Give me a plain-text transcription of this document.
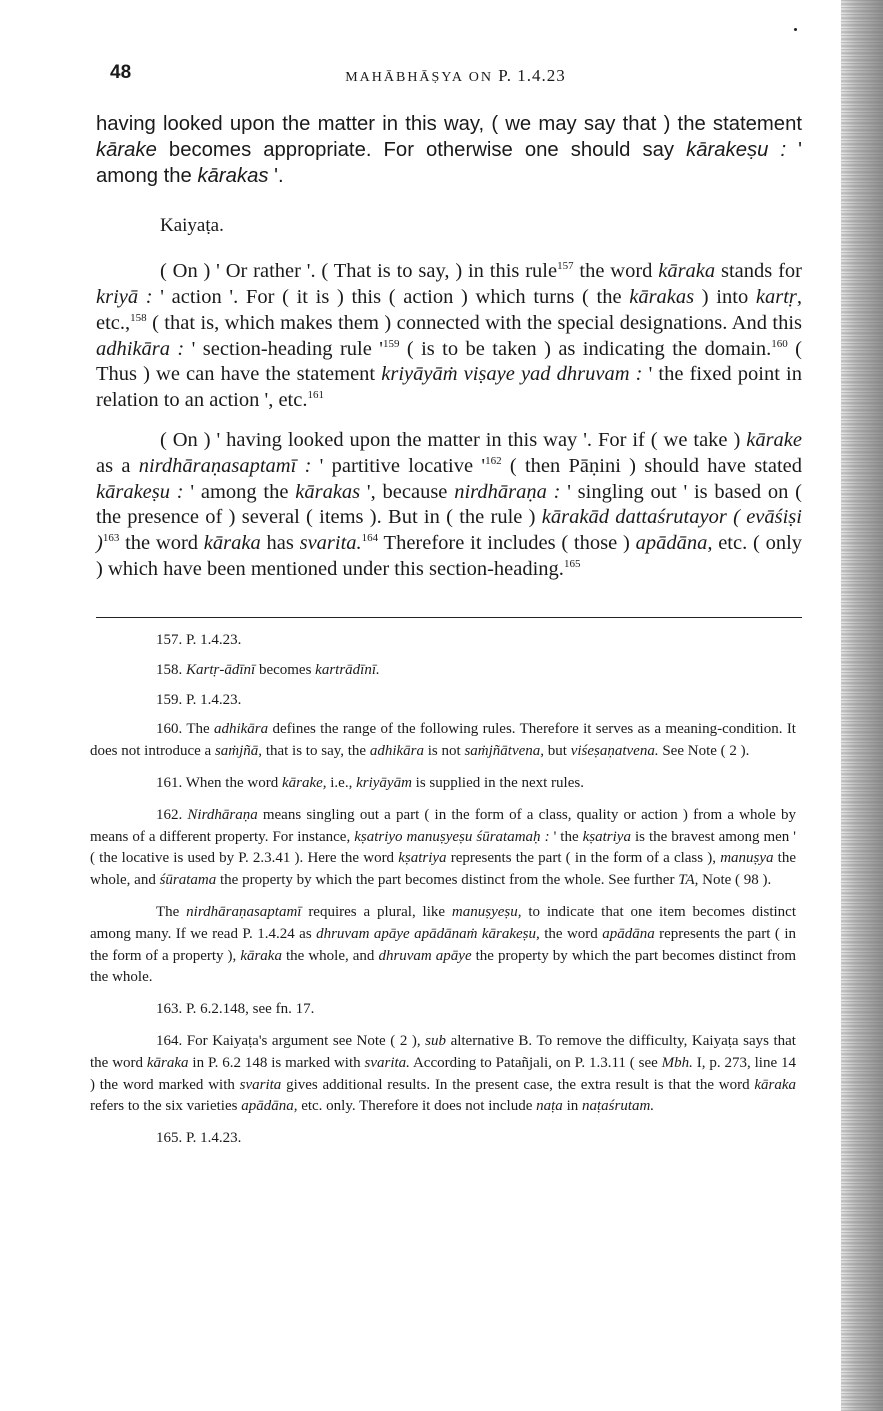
48	MAHĀBHĀṢYA ON P. 1.4.23

having looked upon the matter in this way, ( we may say that ) the statement kārake becomes appropriate. For otherwise one should say kārakeṣu : ' among the kārakas '.

Kaiyaṭa.

( On ) ' Or rather '. ( That is to say, ) in this rule$^{157}$ the word kāraka stands for kriyā : ' action '. For ( it is ) this ( action ) which turns ( the kārakas ) into kartṛ, etc.,$^{158}$ ( that is, which makes them ) connected with the special designations. And this adhikāra : ' section-heading rule '$^{159}$ ( is to be taken ) as indicating the domain.$^{160}$ ( Thus ) we can have the statement kriyāyāṁ viṣaye yad dhruvam : ' the fixed point in relation to an action ', etc.$^{161}$

( On ) ' having looked upon the matter in this way '. For if ( we take ) kārake as a nirdhāraṇasaptamī : ' partitive locative '$^{162}$ ( then Pāṇini ) should have stated kārakeṣu : ' among the kārakas ', because nirdhāraṇa : ' singling out ' is based on ( the presence of ) several ( items ). But in ( the rule ) kārakād dattaśrutayor ( evāśiṣi )$^{163}$ the word kāraka has svarita.$^{164}$ Therefore it includes ( those ) apādāna, etc. ( only ) which have been mentioned under this section-heading.$^{165}$

157. P. 1.4.23.

158. Kartṛ-ādīnī becomes kartrādīnī.

159. P. 1.4.23.

160. The adhikāra defines the range of the following rules. Therefore it serves as a meaning-condition. It does not introduce a saṁjñā, that is to say, the adhikāra is not saṁjñātvena, but viśeṣaṇatvena. See Note ( 2 ).

161. When the word kārake, i.e., kriyāyām is supplied in the next rules.

162. Nirdhāraṇa means singling out a part ( in the form of a class, quality or action ) from a whole by means of a different property. For instance, kṣatriyo manuṣyeṣu śūratamaḥ : ' the kṣatriya is the bravest among men ' ( the locative is used by P. 2.3.41 ). Here the word kṣatriya represents the part ( in the form of a class ), manuṣya the whole, and śūratama the property by which the part becomes distinct from the whole. See further TA, Note ( 98 ).

The nirdhāraṇasaptamī requires a plural, like manuṣyeṣu, to indicate that one item becomes distinct among many. If we read P. 1.4.24 as dhruvam apāye apādānaṁ kārakeṣu, the word apādāna represents the part ( in the form of a property ), kāraka the whole, and dhruvam apāye the property by which the part becomes distinct from the whole.

163. P. 6.2.148, see fn. 17.

164. For Kaiyaṭa's argument see Note ( 2 ), sub alternative B. To remove the difficulty, Kaiyaṭa says that the word kāraka in P. 6.2 148 is marked with svarita. According to Patañjali, on P. 1.3.11 ( see Mbh. I, p. 273, line 14 ) the word marked with svarita gives additional results. In the present case, the extra result is that the word kāraka refers to the six varieties apādāna, etc. only. Therefore it does not include naṭa in naṭaśrutam.

165. P. 1.4.23.
